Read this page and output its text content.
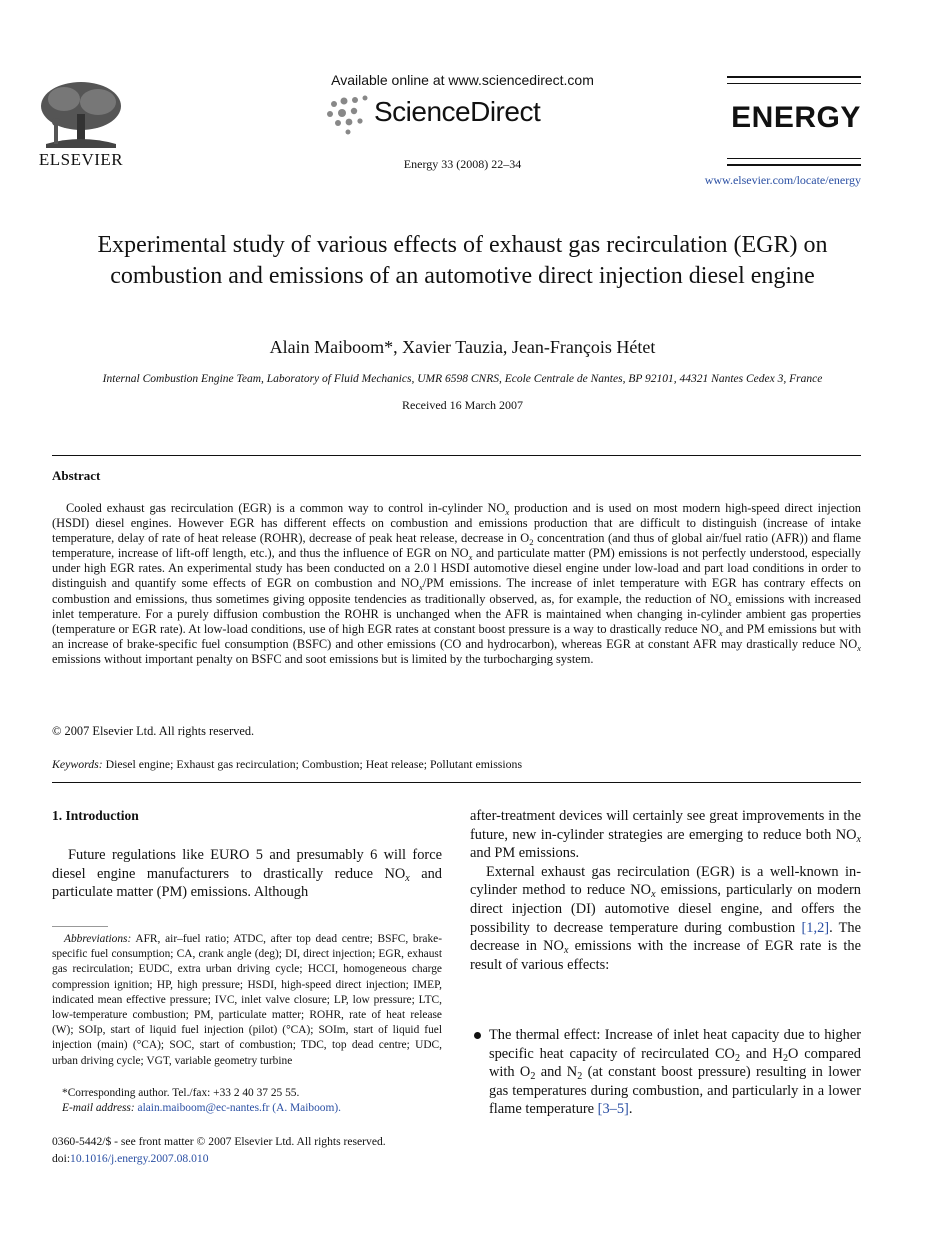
ELSEVIER
Available online at www.sciencedirect.com
ScienceDirect
Energy 33 (2008) 22–34
ENERGY
www.elsevier.com/locate/energy
Experimental study of various effects of exhaust gas recirculation (EGR) on combustion and emissions of an automotive direct injection diesel engine
Alain Maiboom*, Xavier Tauzia, Jean-François Hétet
Internal Combustion Engine Team, Laboratory of Fluid Mechanics, UMR 6598 CNRS, Ecole Centrale de Nantes, BP 92101, 44321 Nantes Cedex 3, France
Received 16 March 2007
Abstract
Cooled exhaust gas recirculation (EGR) is a common way to control in-cylinder $NO_x$ production and is used on most modern high-speed direct injection (HSDI) diesel engines. However EGR has different effects on combustion and emissions production that are difficult to distinguish (increase of intake temperature, delay of rate of heat release (ROHR), decrease of peak heat release, decrease in $O_2$ concentration (and thus of global air/fuel ratio (AFR)) and flame temperature, increase of lift-off length, etc.), and thus the influence of EGR on $NO_x$ and particulate matter (PM) emissions is not perfectly understood, especially under high EGR rates. An experimental study has been conducted on a 2.0 l HSDI automotive diesel engine under low-load and part load conditions in order to distinguish and quantify some effects of EGR on combustion and $NO_x/PM$ emissions. The increase of inlet temperature with EGR has contrary effects on combustion and emissions, thus sometimes giving opposite tendencies as traditionally observed, as, for example, the reduction of $NO_x$ emissions with increased inlet temperature. For a purely diffusion combustion the ROHR is unchanged when the AFR is maintained when changing in-cylinder ambient gas properties (temperature or EGR rate). At low-load conditions, use of high EGR rates at constant boost pressure is a way to drastically reduce $NO_x$ and PM emissions but with an increase of brake-specific fuel consumption (BSFC) and other emissions (CO and hydrocarbon), whereas EGR at constant AFR may drastically reduce $NO_x$ emissions without important penalty on BSFC and soot emissions but is limited by the turbocharging system.
© 2007 Elsevier Ltd. All rights reserved.
Keywords: Diesel engine; Exhaust gas recirculation; Combustion; Heat release; Pollutant emissions
1. Introduction
Future regulations like EURO 5 and presumably 6 will force diesel engine manufacturers to drastically reduce $NO_x$ and particulate matter (PM) emissions. Although
Abbreviations: AFR, air–fuel ratio; ATDC, after top dead centre; BSFC, brake-specific fuel consumption; CA, crank angle (deg); DI, direct injection; EGR, exhaust gas recirculation; EUDC, extra urban driving cycle; HCCI, homogeneous charge compression ignition; HP, high pressure; HSDI, high-speed direct injection; IMEP, indicated mean effective pressure; IVC, inlet valve closure; LP, low pressure; LTC, low-temperature combustion; PM, particulate matter; ROHR, rate of heat release (W); SOIp, start of liquid fuel injection (pilot) (°CA); SOIm, start of liquid fuel injection (main) (°CA); SOC, start of combustion; TDC, top dead centre; UDC, urban driving cycle; VGT, variable geometry turbine
*Corresponding author. Tel./fax: +33 2 40 37 25 55.
E-mail address: alain.maiboom@ec-nantes.fr (A. Maiboom).
0360-5442/$ - see front matter © 2007 Elsevier Ltd. All rights reserved.
doi:10.1016/j.energy.2007.08.010

after-treatment devices will certainly see great improvements in the future, new in-cylinder strategies are emerging to reduce both $NO_x$ and PM emissions.

External exhaust gas recirculation (EGR) is a well-known in-cylinder method to reduce $NO_x$ emissions, particularly on modern direct injection (DI) automotive diesel engine, and offers the possibility to decrease temperature during combustion [1,2]. The decrease in $NO_x$ emissions with the increase of EGR rate is the result of various effects:

The thermal effect: Increase of inlet heat capacity due to higher specific heat capacity of recirculated $CO_2$ and $H_2O$ compared with $O_2$ and $N_2$ (at constant boost pressure) resulting in lower gas temperatures during combustion, and particularly in a lower flame temperature [3–5].
